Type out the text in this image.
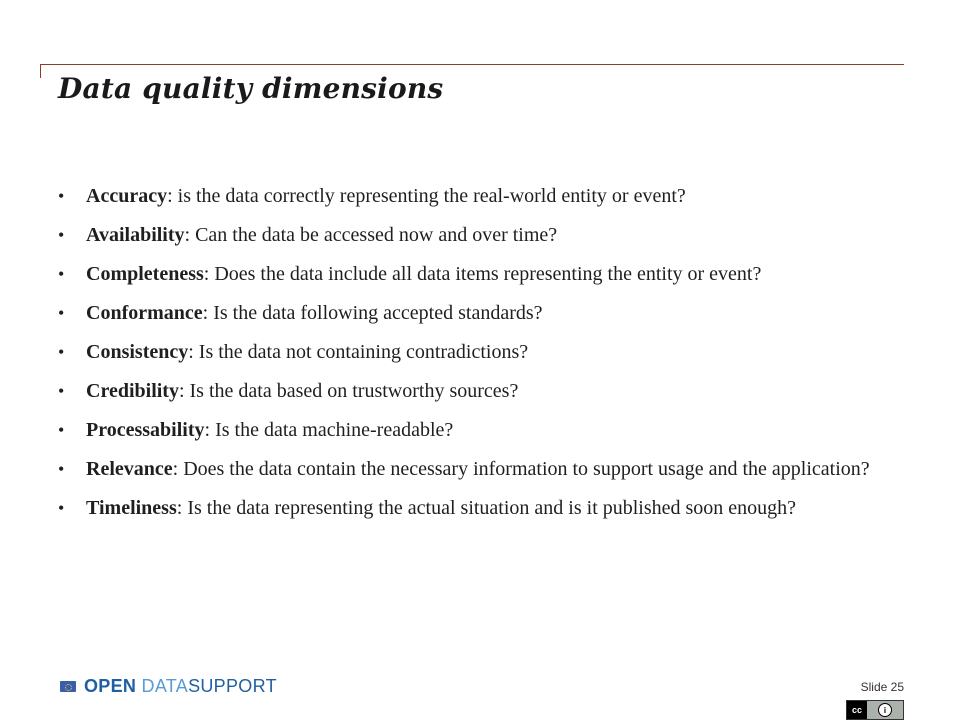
Data quality dimensions
• Accuracy: is the data correctly representing the real-world entity or event?
• Availability: Can the data be accessed now and over time?
• Completeness: Does the data include all data items representing the entity or event?
• Conformance: Is the data following accepted standards?
• Consistency: Is the data not containing contradictions?
• Credibility: Is the data based on trustworthy sources?
• Processability: Is the data machine-readable?
• Relevance: Does the data contain the necessary information to support usage and the application?
• Timeliness: Is the data representing the actual situation and is it published soon enough?
OPEN DATASUPPORT	Slide 25
cc	i
